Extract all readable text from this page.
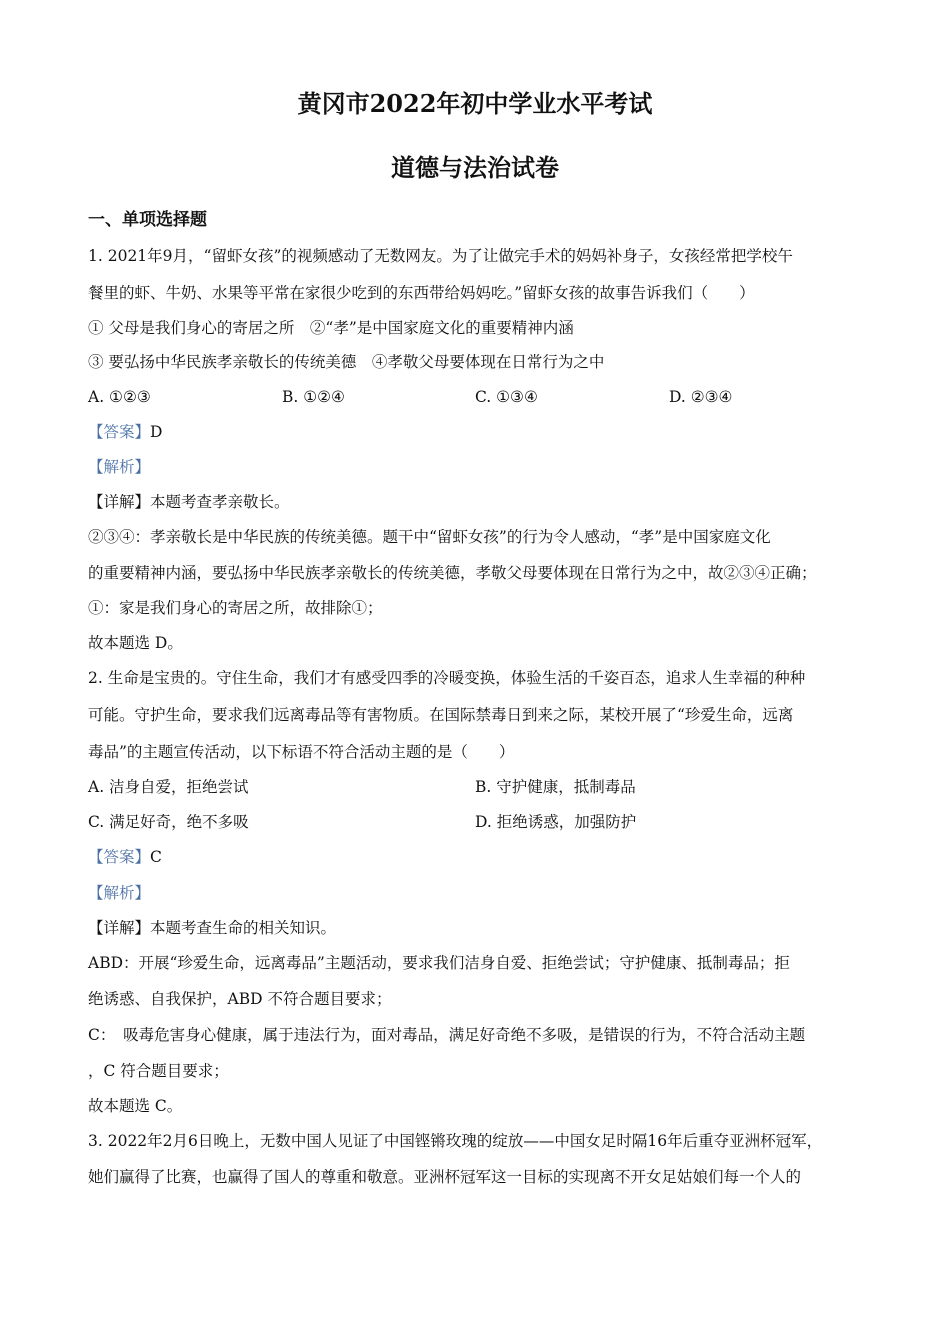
黄冈市2022年初中学业水平考试
道德与法治试卷
一、单项选择题

1. 2021年9月，“留虾女孩”的视频感动了无数网友。为了让做完手术的妈妈补身子，女孩经常把学校午

餐里的虾、牛奶、水果等平常在家很少吃到的东西带给妈妈吃。”留虾女孩的故事告诉我们（　　）

① 父母是我们身心的寄居之所　②“孝”是中国家庭文化的重要精神内涵

③ 要弘扬中华民族孝亲敬长的传统美德　④孝敬父母要体现在日常行为之中

A. ①②③	B. ①②④	C. ①③④	D. ②③④

【答案】D

【解析】

【详解】本题考查孝亲敬长。

②③④：孝亲敬长是中华民族的传统美德。题干中“留虾女孩”的行为令人感动，“孝”是中国家庭文化

的重要精神内涵，要弘扬中华民族孝亲敬长的传统美德，孝敬父母要体现在日常行为之中，故②③④正确；

①：家是我们身心的寄居之所，故排除①；

故本题选 D。

2. 生命是宝贵的。守住生命，我们才有感受四季的冷暖变换，体验生活的千姿百态，追求人生幸福的种种

可能。守护生命，要求我们远离毒品等有害物质。在国际禁毒日到来之际，某校开展了“珍爱生命，远离

毒品”的主题宣传活动，以下标语不符合活动主题的是（　　）

A. 洁身自爱，拒绝尝试	B. 守护健康，抵制毒品
C. 满足好奇，绝不多吸	D. 拒绝诱惑，加强防护

【答案】C

【解析】

【详解】本题考查生命的相关知识。

ABD：开展“珍爱生命，远离毒品”主题活动，要求我们洁身自爱、拒绝尝试；守护健康、抵制毒品；拒

绝诱惑、自我保护，ABD 不符合题目要求；

C：　吸毒危害身心健康，属于违法行为，面对毒品，满足好奇绝不多吸，是错误的行为，不符合活动主题

，C 符合题目要求；

故本题选 C。

3. 2022年2月6日晚上，无数中国人见证了中国铿锵玫瑰的绽放——中国女足时隔16年后重夺亚洲杯冠军，

她们赢得了比赛，也赢得了国人的尊重和敬意。亚洲杯冠军这一目标的实现离不开女足姑娘们每一个人的
